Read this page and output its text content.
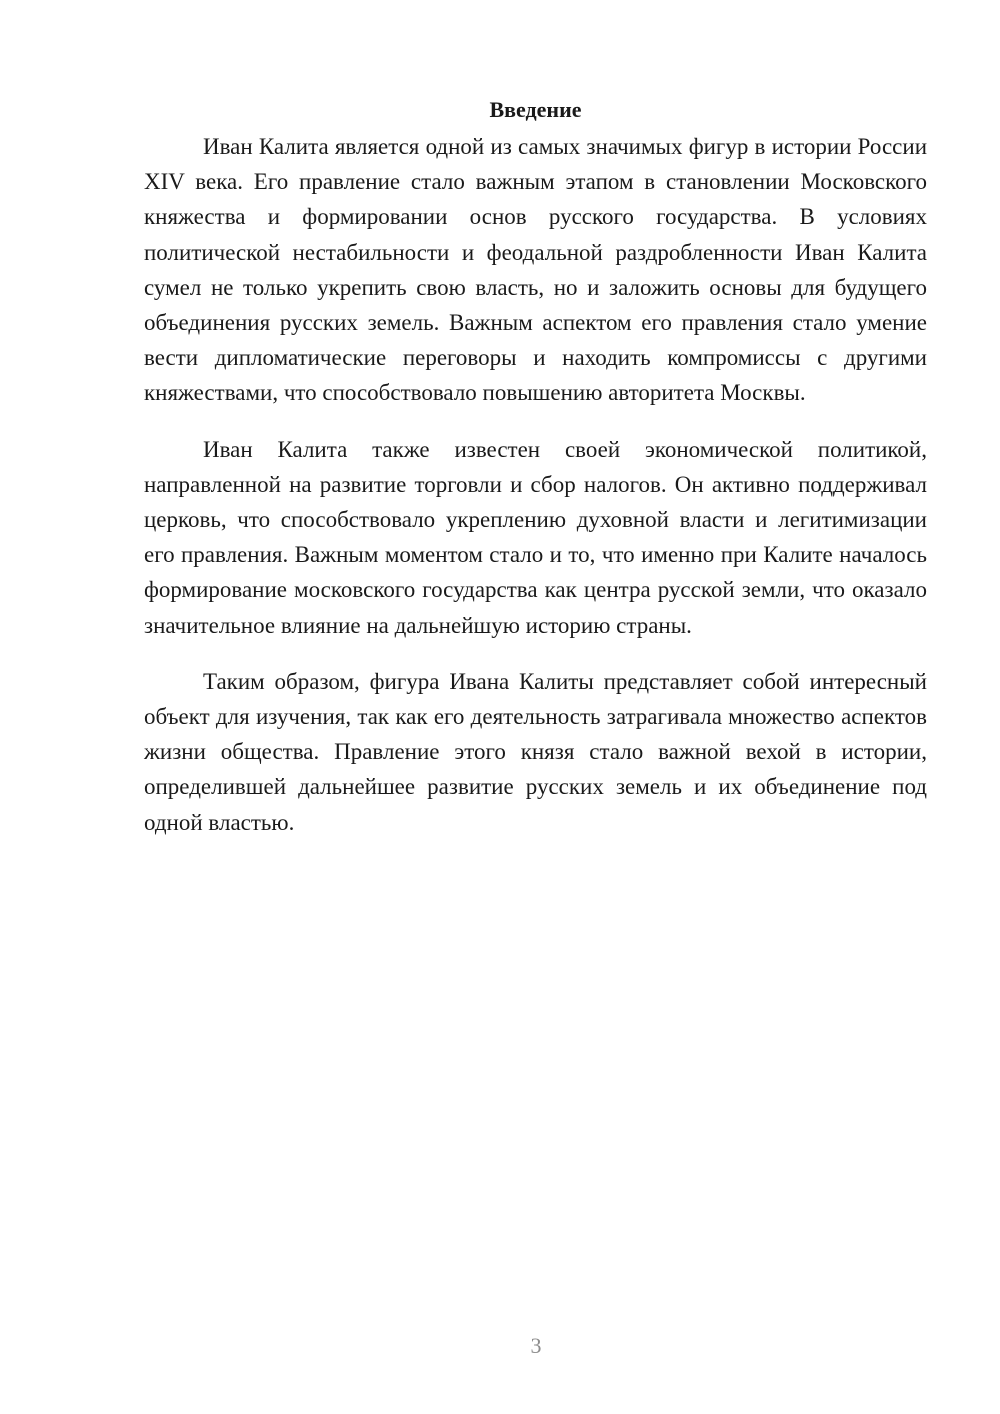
Введение

Иван Калита является одной из самых значимых фигур в истории России XIV века. Его правление стало важным этапом в становлении Московского княжества и формировании основ русского государства. В условиях политической нестабильности и феодальной раздробленности Иван Калита сумел не только укрепить свою власть, но и заложить основы для будущего объединения русских земель. Важным аспектом его правления стало умение вести дипломатические переговоры и находить компромиссы с другими княжествами, что способствовало повышению авторитета Москвы.

Иван Калита также известен своей экономической политикой, направленной на развитие торговли и сбор налогов. Он активно поддерживал церковь, что способствовало укреплению духовной власти и легитимизации его правления. Важным моментом стало и то, что именно при Калите началось формирование московского государства как центра русской земли, что оказало значительное влияние на дальнейшую историю страны.

Таким образом, фигура Ивана Калиты представляет собой интересный объект для изучения, так как его деятельность затрагивала множество аспектов жизни общества. Правление этого князя стало важной вехой в истории, определившей дальнейшее развитие русских земель и их объединение под одной властью.

3
